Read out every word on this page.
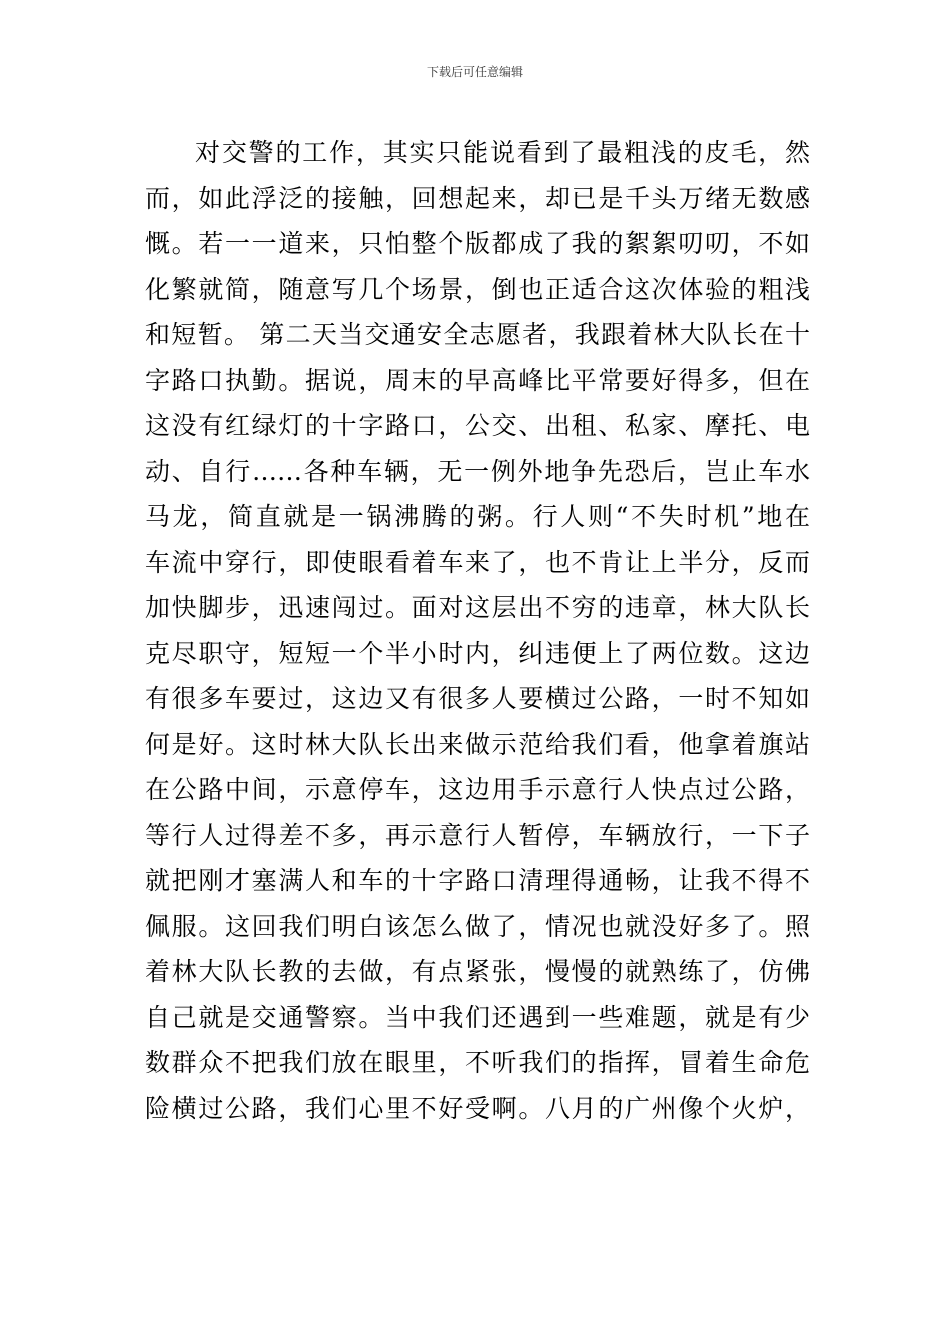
下载后可任意编辑
对交警的工作，其实只能说看到了最粗浅的皮毛，然
而，如此浮泛的接触，回想起来，却已是千头万绪无数感
慨。若一一道来，只怕整个版都成了我的絮絮叨叨，不如
化繁就简，随意写几个场景，倒也正适合这次体验的粗浅
和短暂。 第二天当交通安全志愿者，我跟着林大队长在十
字路口执勤。据说，周末的早高峰比平常要好得多，但在
这没有红绿灯的十字路口，公交、出租、私家、摩托、电
动、自行……各种车辆，无一例外地争先恐后，岂止车水
马龙，简直就是一锅沸腾的粥。行人则“不失时机”地在
车流中穿行，即使眼看着车来了，也不肯让上半分，反而
加快脚步，迅速闯过。面对这层出不穷的违章，林大队长
克尽职守，短短一个半小时内，纠违便上了两位数。这边
有很多车要过，这边又有很多人要横过公路，一时不知如
何是好。这时林大队长出来做示范给我们看，他拿着旗站
在公路中间，示意停车，这边用手示意行人快点过公路，
等行人过得差不多，再示意行人暂停，车辆放行，一下子
就把刚才塞满人和车的十字路口清理得通畅，让我不得不
佩服。这回我们明白该怎么做了，情况也就没好多了。照
着林大队长教的去做，有点紧张，慢慢的就熟练了，仿佛
自己就是交通警察。当中我们还遇到一些难题，就是有少
数群众不把我们放在眼里，不听我们的指挥，冒着生命危
险横过公路，我们心里不好受啊。八月的广州像个火炉，
